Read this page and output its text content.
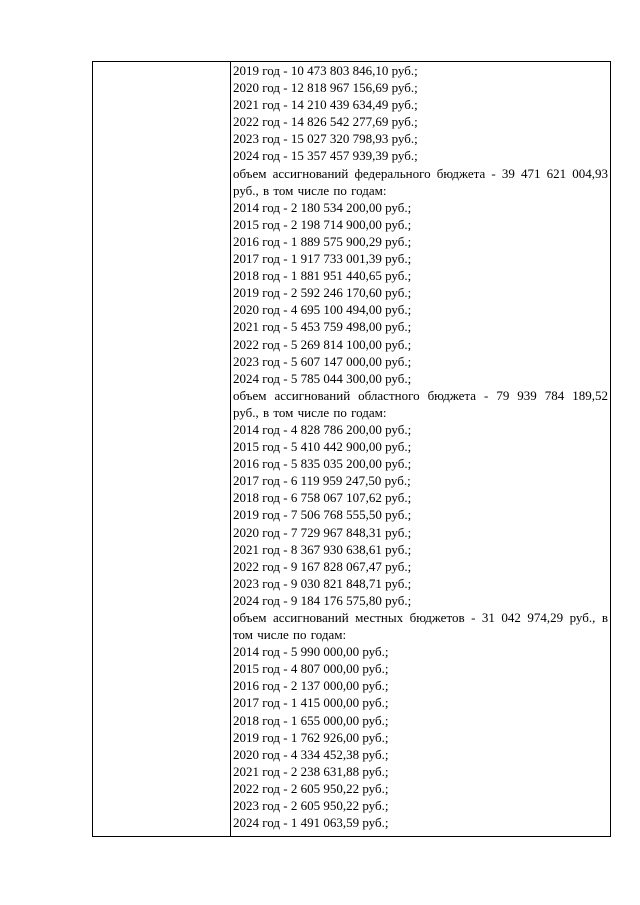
2019 год - 10 473 803 846,10 руб.;
2020 год - 12 818 967 156,69 руб.;
2021 год - 14 210 439 634,49 руб.;
2022 год - 14 826 542 277,69 руб.;
2023 год - 15 027 320 798,93 руб.;
2024 год - 15 357 457 939,39 руб.;
объем ассигнований федерального бюджета - 39 471 621 004,93 руб., в том числе по годам:
2014 год - 2 180 534 200,00 руб.;
2015 год - 2 198 714 900,00 руб.;
2016 год - 1 889 575 900,29 руб.;
2017 год - 1 917 733 001,39 руб.;
2018 год - 1 881 951 440,65 руб.;
2019 год - 2 592 246 170,60 руб.;
2020 год - 4 695 100 494,00 руб.;
2021 год - 5 453 759 498,00 руб.;
2022 год - 5 269 814 100,00 руб.;
2023 год - 5 607 147 000,00 руб.;
2024 год - 5 785 044 300,00 руб.;
объем ассигнований областного бюджета - 79 939 784 189,52 руб., в том числе по годам:
2014 год - 4 828 786 200,00 руб.;
2015 год - 5 410 442 900,00 руб.;
2016 год - 5 835 035 200,00 руб.;
2017 год - 6 119 959 247,50 руб.;
2018 год - 6 758 067 107,62 руб.;
2019 год - 7 506 768 555,50 руб.;
2020 год - 7 729 967 848,31 руб.;
2021 год - 8 367 930 638,61 руб.;
2022 год - 9 167 828 067,47 руб.;
2023 год - 9 030 821 848,71 руб.;
2024 год - 9 184 176 575,80 руб.;
объем ассигнований местных бюджетов - 31 042 974,29 руб., в том числе по годам:
2014 год - 5 990 000,00 руб.;
2015 год - 4 807 000,00 руб.;
2016 год - 2 137 000,00 руб.;
2017 год - 1 415 000,00 руб.;
2018 год - 1 655 000,00 руб.;
2019 год - 1 762 926,00 руб.;
2020 год - 4 334 452,38 руб.;
2021 год - 2 238 631,88 руб.;
2022 год - 2 605 950,22 руб.;
2023 год - 2 605 950,22 руб.;
2024 год - 1 491 063,59 руб.;
